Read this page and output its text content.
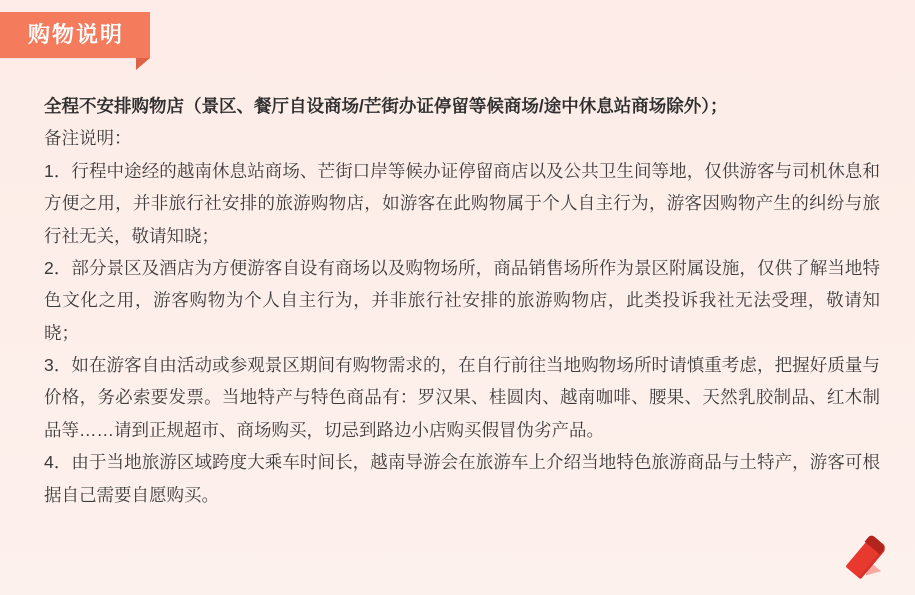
购物说明

全程不安排购物店（景区、餐厅自设商场/芒街办证停留等候商场/途中休息站商场除外）；

备注说明：

1．行程中途经的越南休息站商场、芒街口岸等候办证停留商店以及公共卫生间等地，仅供游客与司机休息和方便之用，并非旅行社安排的旅游购物店，如游客在此购物属于个人自主行为，游客因购物产生的纠纷与旅行社无关，敬请知晓；

2．部分景区及酒店为方便游客自设有商场以及购物场所，商品销售场所作为景区附属设施，仅供了解当地特色文化之用，游客购物为个人自主行为，并非旅行社安排的旅游购物店，此类投诉我社无法受理，敬请知晓；

3．如在游客自由活动或参观景区期间有购物需求的，在自行前往当地购物场所时请慎重考虑，把握好质量与价格，务必索要发票。当地特产与特色商品有：罗汉果、桂圆肉、越南咖啡、腰果、天然乳胶制品、红木制品等……请到正规超市、商场购买，切忌到路边小店购买假冒伪劣产品。

4．由于当地旅游区域跨度大乘车时间长，越南导游会在旅游车上介绍当地特色旅游商品与土特产，游客可根据自己需要自愿购买。
